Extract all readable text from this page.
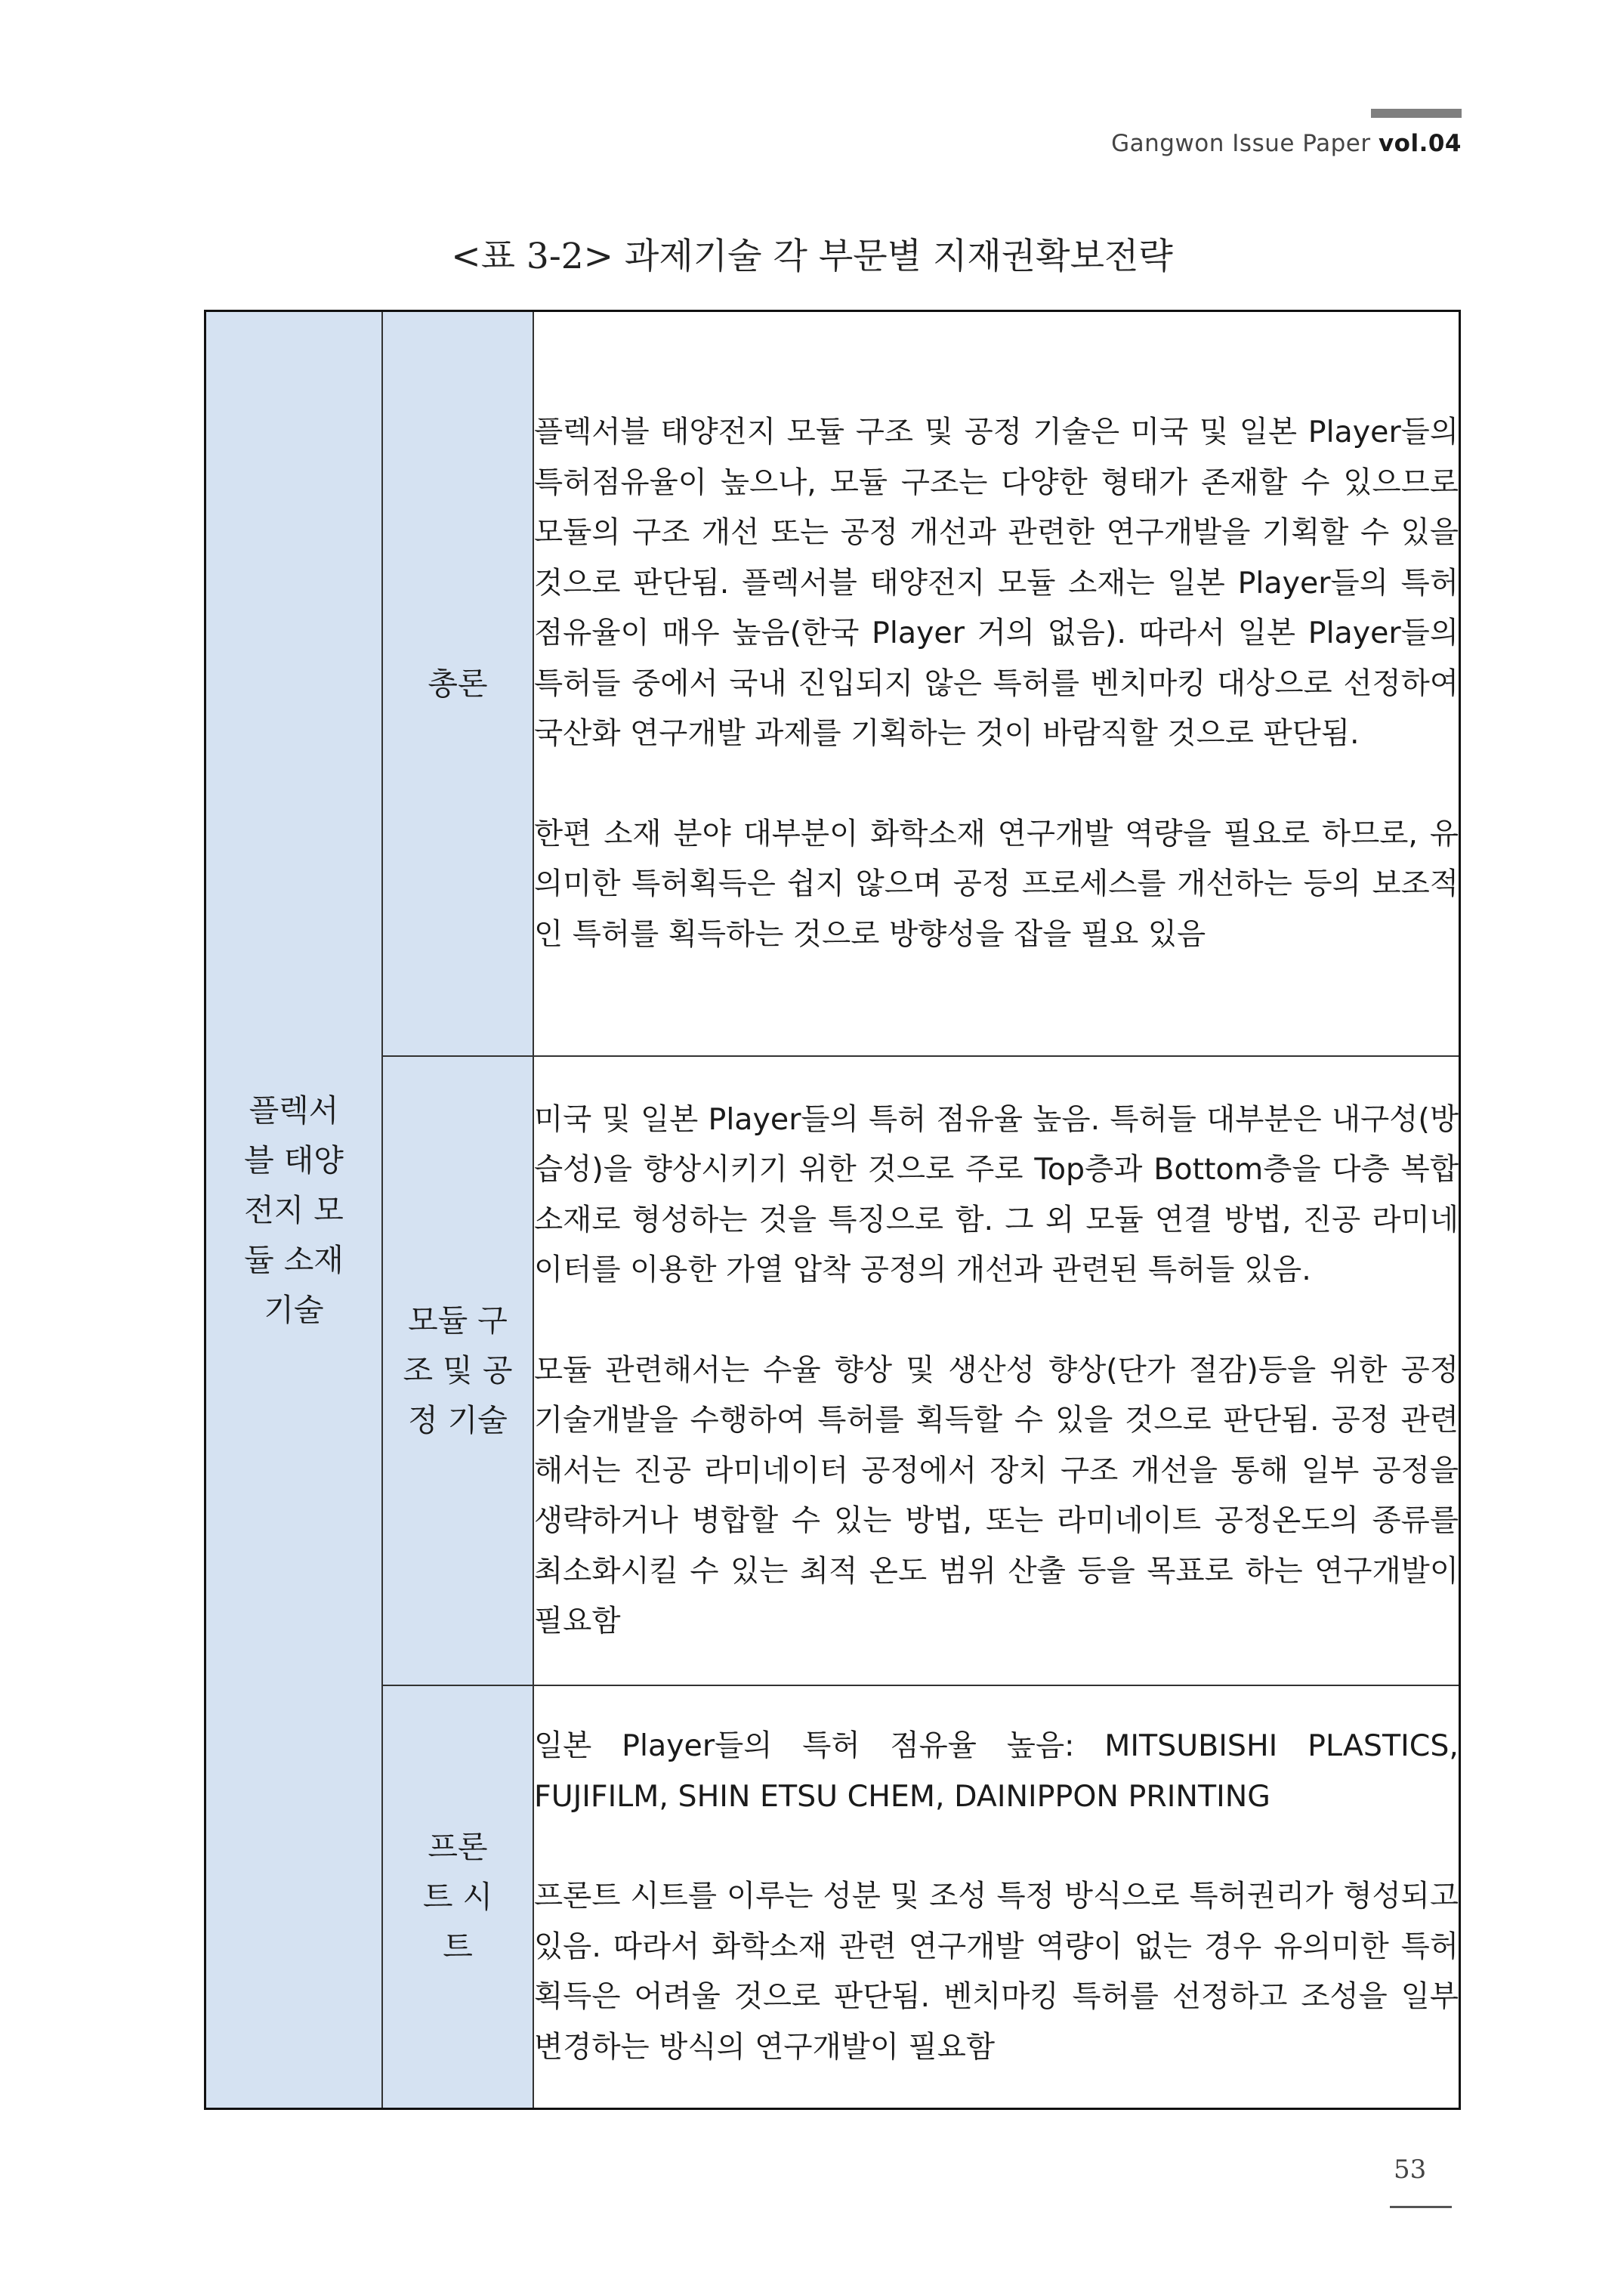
Gangwon Issue Paper vol.04
<표 3-2> 과제기술 각 부문별 지재권확보전략
플렉서블 태양전지 모듈 소재 기술	총론	플렉서블 태양전지 모듈 구조 및 공정 기술은 미국 및 일본 Player들의 특허점유율이 높으나, 모듈 구조는 다양한 형태가 존재할 수 있으므로 모듈의 구조 개선 또는 공정 개선과 관련한 연구개발을 기획할 수 있을 것으로 판단됨. 플렉서블 태양전지 모듈 소재는 일본 Player들의 특허점유율이 매우 높음(한국 Player 거의 없음). 따라서 일본 Player들의 특허들 중에서 국내 진입되지 않은 특허를 벤치마킹 대상으로 선정하여 국산화 연구개발 과제를 기획하는 것이 바람직할 것으로 판단됨.

한편 소재 분야 대부분이 화학소재 연구개발 역량을 필요로 하므로, 유의미한 특허획득은 쉽지 않으며 공정 프로세스를 개선하는 등의 보조적인 특허를 획득하는 것으로 방향성을 잡을 필요 있음

	모듈 구조 및 공정 기술	미국 및 일본 Player들의 특허 점유율 높음. 특허들 대부분은 내구성(방습성)을 향상시키기 위한 것으로 주로 Top층과 Bottom층을 다층 복합소재로 형성하는 것을 특징으로 함. 그 외 모듈 연결 방법, 진공 라미네이터를 이용한 가열 압착 공정의 개선과 관련된 특허들 있음.

모듈 관련해서는 수율 향상 및 생산성 향상(단가 절감)등을 위한 공정 기술개발을 수행하여 특허를 획득할 수 있을 것으로 판단됨. 공정 관련해서는 진공 라미네이터 공정에서 장치 구조 개선을 통해 일부 공정을 생략하거나 병합할 수 있는 방법, 또는 라미네이트 공정온도의 종류를 최소화시킬 수 있는 최적 온도 범위 산출 등을 목표로 하는 연구개발이 필요함

	프론트 시트	일본 Player들의 특허 점유율 높음: MITSUBISHI PLASTICS, FUJIFILM, SHIN ETSU CHEM, DAINIPPON PRINTING

프론트 시트를 이루는 성분 및 조성 특정 방식으로 특허권리가 형성되고 있음. 따라서 화학소재 관련 연구개발 역량이 없는 경우 유의미한 특허획득은 어려울 것으로 판단됨. 벤치마킹 특허를 선정하고 조성을 일부 변경하는 방식의 연구개발이 필요함

53
